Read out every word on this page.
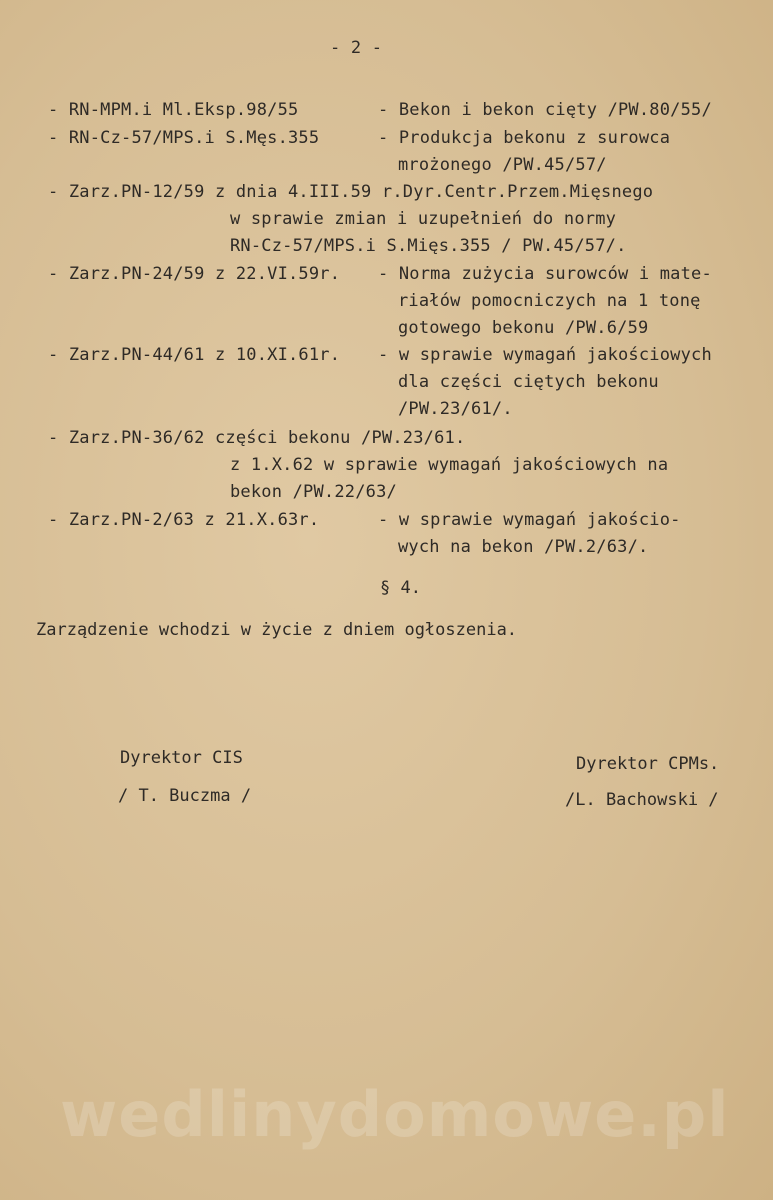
- 2 -
- RN-MPM.i Ml.Eksp.98/55	- Bekon i bekon cięty /PW.80/55/
- RN-Cz-57/MPS.i S.Męs.355	- Produkcja bekonu z surowca
mrożonego /PW.45/57/
- Zarz.PN-12/59 z dnia 4.III.59 r.Dyr.Centr.Przem.Mięsnego
w sprawie zmian i uzupełnień do normy
RN-Cz-57/MPS.i S.Mięs.355 / PW.45/57/.
- Zarz.PN-24/59 z 22.VI.59r. - Norma zużycia surowców i mate-
riałów pomocniczych na 1 tonę
gotowego bekonu /PW.6/59
- Zarz.PN-44/61 z 10.XI.61r. - w sprawie wymagań jakościowych
dla części ciętych bekonu
/PW.23/61/.
- Zarz.PN-36/62 części bekonu /PW.23/61.
z 1.X.62 w sprawie wymagań jakościowych na
bekon /PW.22/63/
- Zarz.PN-2/63 z 21.X.63r.	- w sprawie wymagań jakościo-
wych na bekon /PW.2/63/.
§ 4.
Zarządzenie wchodzi w życie z dniem ogłoszenia.
Dyrektor CIS
/ T. Buczma /
Dyrektor CPMs.
/L. Bachowski /
wedlinydomowe.pl
